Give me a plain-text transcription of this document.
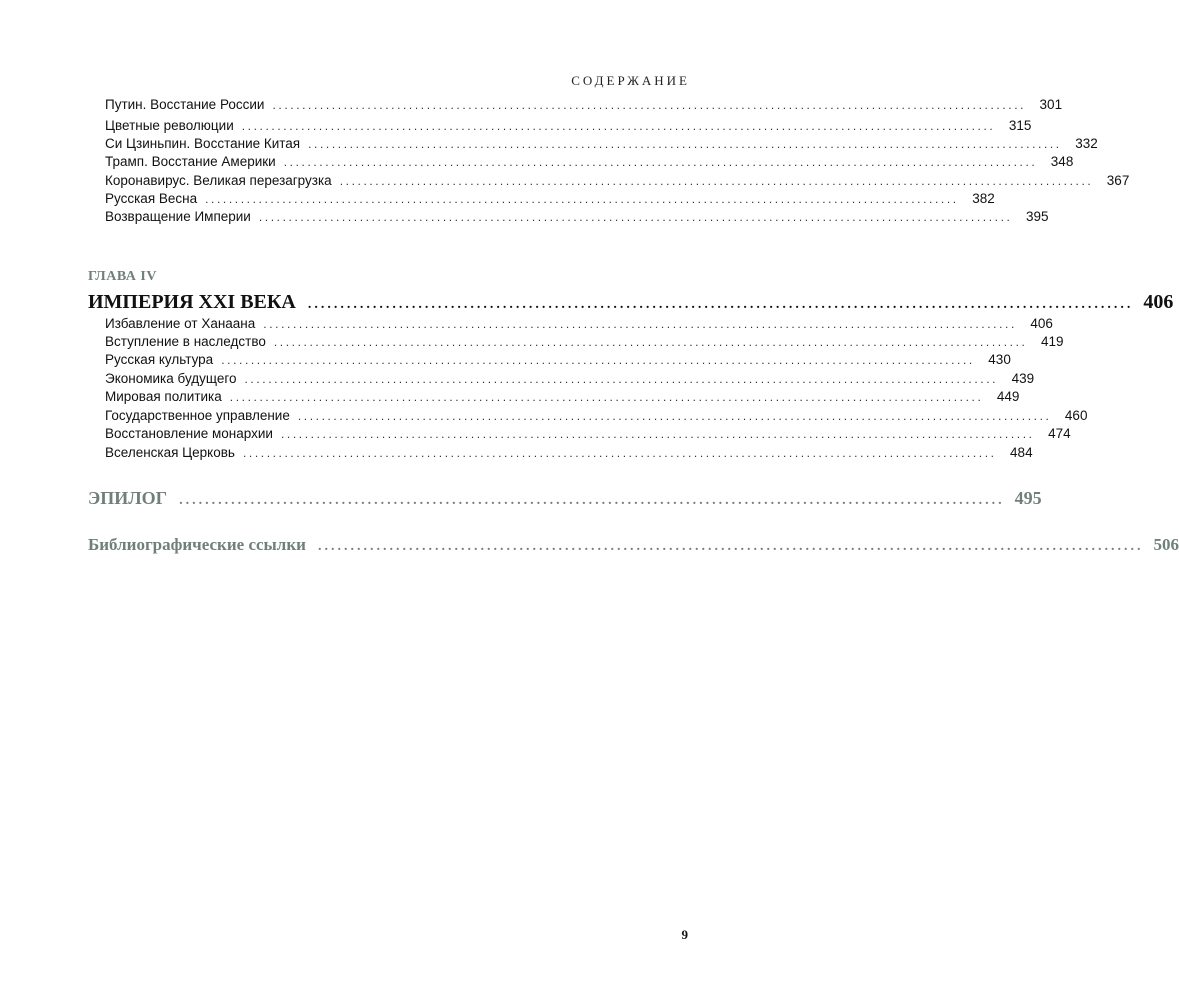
СОДЕРЖАНИЕ
Путин. Восстание России ............................................................................................................................... 301
Цветные революции ............................................................................................................................... 315
Си Цзиньпин. Восстание Китая ............................................................................................................................... 332
Трамп. Восстание Америки ............................................................................................................................... 348
Коронавирус. Великая перезагрузка ............................................................................................................................... 367
Русская Весна ............................................................................................................................... 382
Возвращение Империи ............................................................................................................................... 395
ГЛАВА IV
ИМПЕРИЯ XXI ВЕКА ............................................................................................................................... 406
Избавление от Ханаана ............................................................................................................................... 406
Вступление в наследство ............................................................................................................................... 419
Русская культура ............................................................................................................................... 430
Экономика будущего ............................................................................................................................... 439
Мировая политика ............................................................................................................................... 449
Государственное управление ............................................................................................................................... 460
Восстановление монархии ............................................................................................................................... 474
Вселенская Церковь ............................................................................................................................... 484
ЭПИЛОГ ............................................................................................................................... 495
Библиографические ссылки ............................................................................................................................... 506
9
